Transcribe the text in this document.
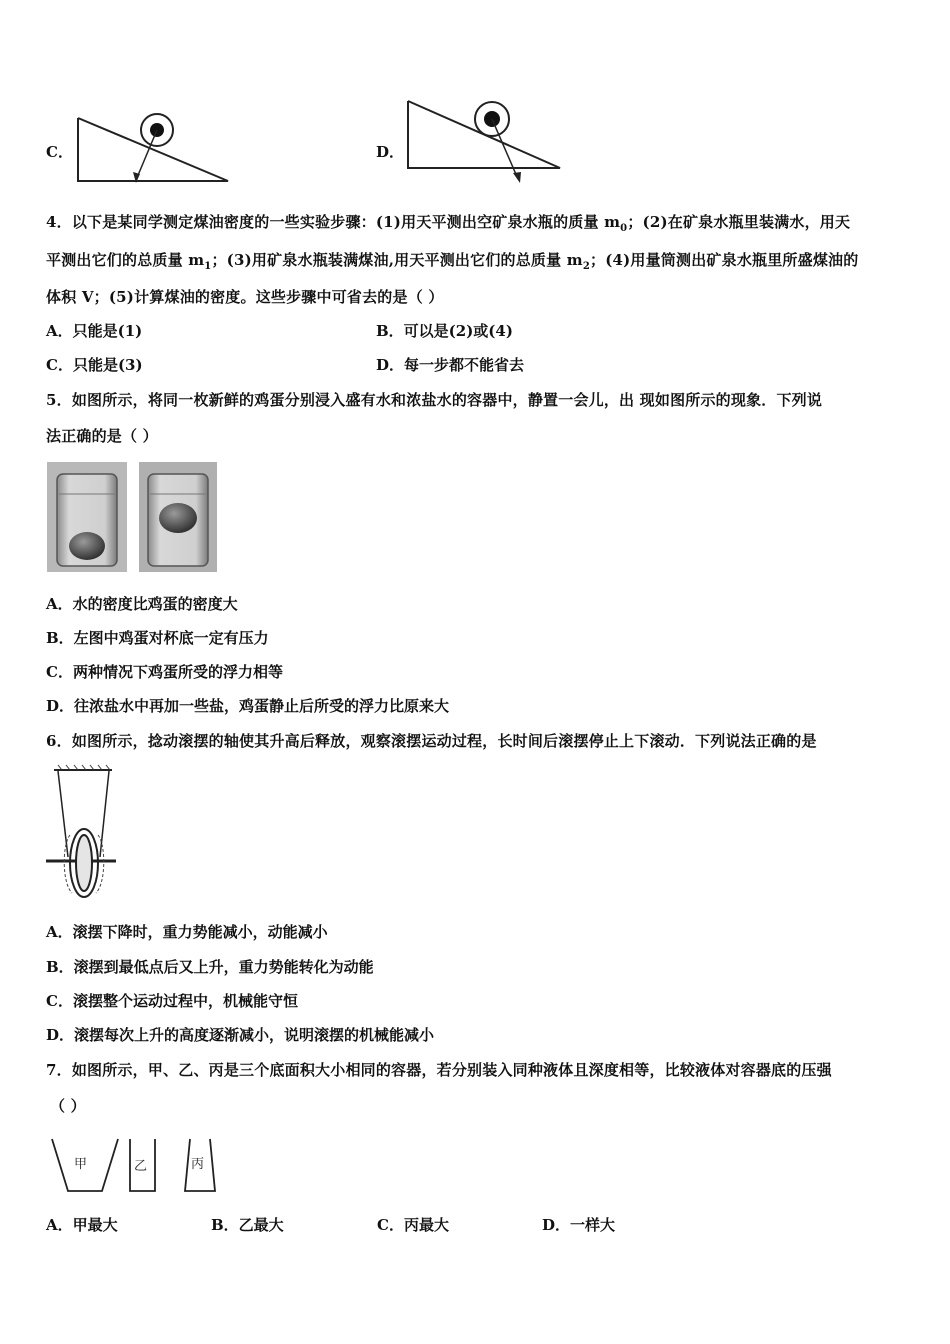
C．	D．
4．以下是某同学测定煤油密度的一些实验步骤：(1)用天平测出空矿泉水瓶的质量 $m_0$；(2)在矿泉水瓶里装满水，用天
平测出它们的总质量 $m_1$；(3)用矿泉水瓶装满煤油,用天平测出它们的总质量 $m_2$；(4)用量筒测出矿泉水瓶里所盛煤油的
体积 V；(5)计算煤油的密度。这些步骤中可省去的是（ ）
A．只能是(1)	B．可以是(2)或(4)
C．只能是(3)	D．每一步都不能省去
5．如图所示，将同一枚新鲜的鸡蛋分别浸入盛有水和浓盐水的容器中，静置一会儿，出 现如图所示的现象．下列说
法正确的是（ ）
A．水的密度比鸡蛋的密度大
B．左图中鸡蛋对杯底一定有压力
C．两种情况下鸡蛋所受的浮力相等
D．往浓盐水中再加一些盐，鸡蛋静止后所受的浮力比原来大
6．如图所示，捻动滚摆的轴使其升高后释放，观察滚摆运动过程，长时间后滚摆停止上下滚动．下列说法正确的是
A．滚摆下降时，重力势能减小，动能减小
B．滚摆到最低点后又上升，重力势能转化为动能
C．滚摆整个运动过程中，机械能守恒
D．滚摆每次上升的高度逐渐减小，说明滚摆的机械能减小
7．如图所示，甲、乙、丙是三个底面积大小相同的容器，若分别装入同种液体且深度相等，比较液体对容器底的压强
（ ）
甲	乙	丙
A．甲最大	B．乙最大	C．丙最大	D．一样大
